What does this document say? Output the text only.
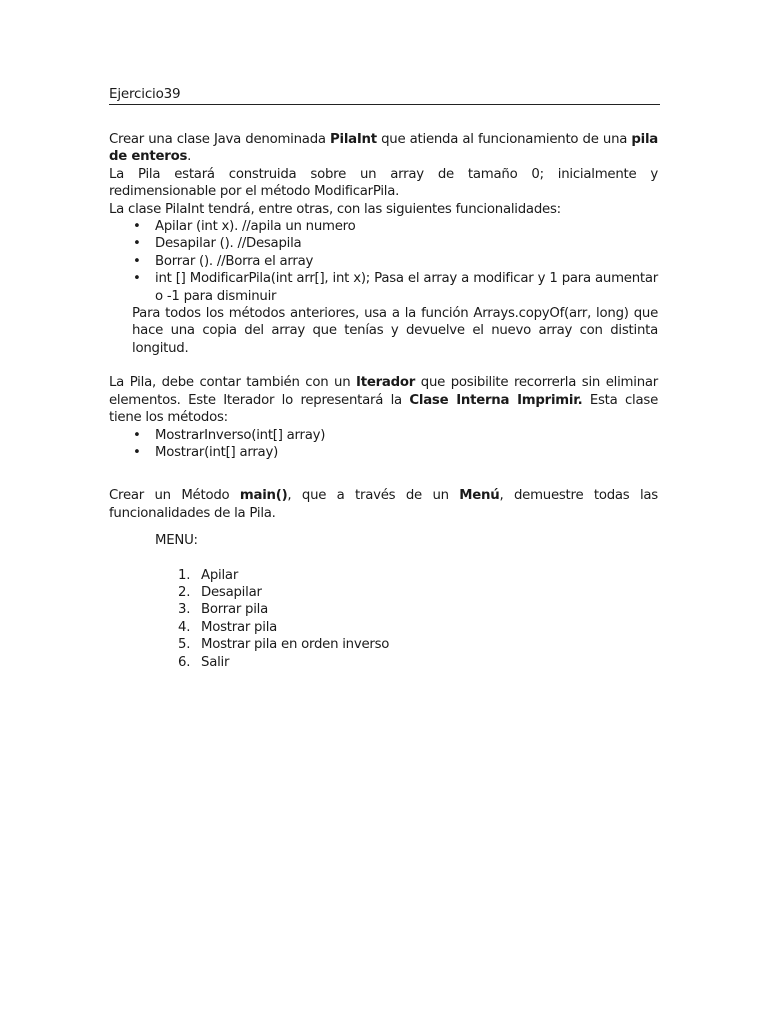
Ejercicio39

Crear una clase Java denominada PilaInt que atienda al funcionamiento de una pila de enteros.

La Pila estará construida sobre un array de tamaño 0; inicialmente y redimensionable por el método ModificarPila.

La clase PilaInt tendrá, entre otras, con las siguientes funcionalidades:

• Apilar (int x). //apila un numero
• Desapilar (). //Desapila
• Borrar (). //Borra el array
• int [] ModificarPila(int arr[], int x); Pasa el array a modificar y 1 para aumentar o -1 para disminuir

Para todos los métodos anteriores, usa a la función Arrays.copyOf(arr, long) que hace una copia del array que tenías y devuelve el nuevo array con distinta longitud.

La Pila, debe contar también con un Iterador que posibilite recorrerla sin eliminar elementos. Este Iterador lo representará la Clase Interna Imprimir. Esta clase tiene los métodos:

• MostrarInverso(int[] array)
• Mostrar(int[] array)

Crear un Método main(), que a través de un Menú, demuestre todas las funcionalidades de la Pila.

MENU:

1. Apilar
2. Desapilar
3. Borrar pila
4. Mostrar pila
5. Mostrar pila en orden inverso
6. Salir
